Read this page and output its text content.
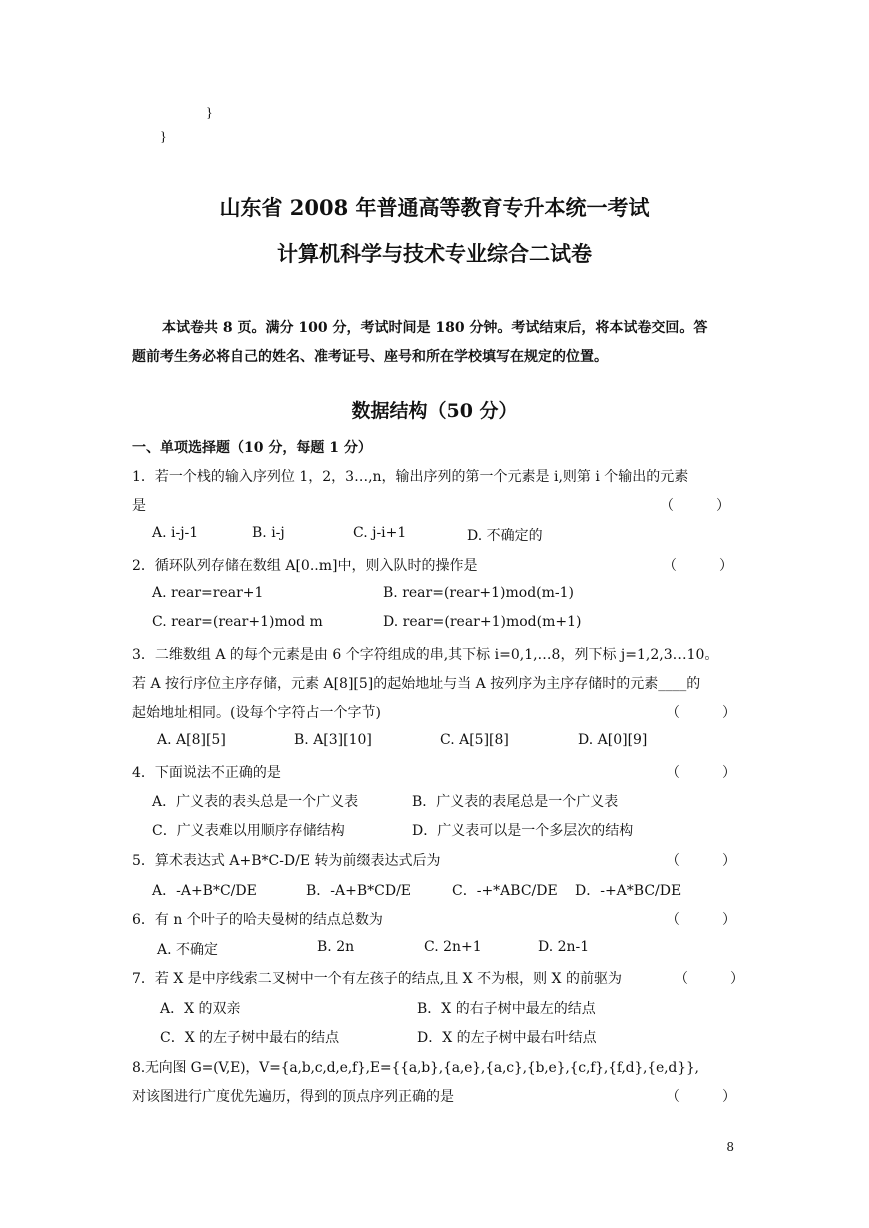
}
}
山东省 2008 年普通高等教育专升本统一考试
计算机科学与技术专业综合二试卷

本试卷共 8 页。满分 100 分，考试时间是 180 分钟。考试结束后，将本试卷交回。答

题前考生务必将自己的姓名、准考证号、座号和所在学校填写在规定的位置。

数据结构（50 分）
一、单项选择题（10 分，每题 1 分）
1．若一个栈的输入序列位 1，2，3…,n，输出序列的第一个元素是 i,则第 i 个输出的元素
是	（　　　）
A. i-j-1	B. i-j	C. j-i+1	D. 不确定的
2．循环队列存储在数组 A[0..m]中，则入队时的操作是	（　　　）
A. rear=rear+1	B. rear=(rear+1)mod(m-1)
C. rear=(rear+1)mod m	D. rear=(rear+1)mod(m+1)
3．二维数组 A 的每个元素是由 6 个字符组成的串,其下标 i=0,1,…8，列下标 j=1,2,3…10。
若 A 按行序位主序存储，元素 A[8][5]的起始地址与当 A 按列序为主序存储时的元素____的
起始地址相同。(设每个字符占一个字节)	（　　　）
A. A[8][5]	B. A[3][10]	C. A[5][8]	D. A[0][9]
4．下面说法不正确的是	（　　　）
A．广义表的表头总是一个广义表	B．广义表的表尾总是一个广义表
C．广义表难以用顺序存储结构	D．广义表可以是一个多层次的结构
5．算术表达式 A+B*C-D/E 转为前缀表达式后为	（　　　）
A．-A+B*C/DE	B．-A+B*CD/E	C．-+*ABC/DE D．-+A*BC/DE
6．有 n 个叶子的哈夫曼树的结点总数为	（　　　）
A. 不确定	B. 2n	C. 2n+1	D. 2n-1
7．若 X 是中序线索二叉树中一个有左孩子的结点,且 X 不为根，则 X 的前驱为	（　　　）
A．X 的双亲	B．X 的右子树中最左的结点
C．X 的左子树中最右的结点	D．X 的左子树中最右叶结点
8.无向图 G=(V,E)，V={a,b,c,d,e,f},E={{a,b},{a,e},{a,c},{b,e},{c,f},{f,d},{e,d}},
对该图进行广度优先遍历，得到的顶点序列正确的是	（　　　）
8
